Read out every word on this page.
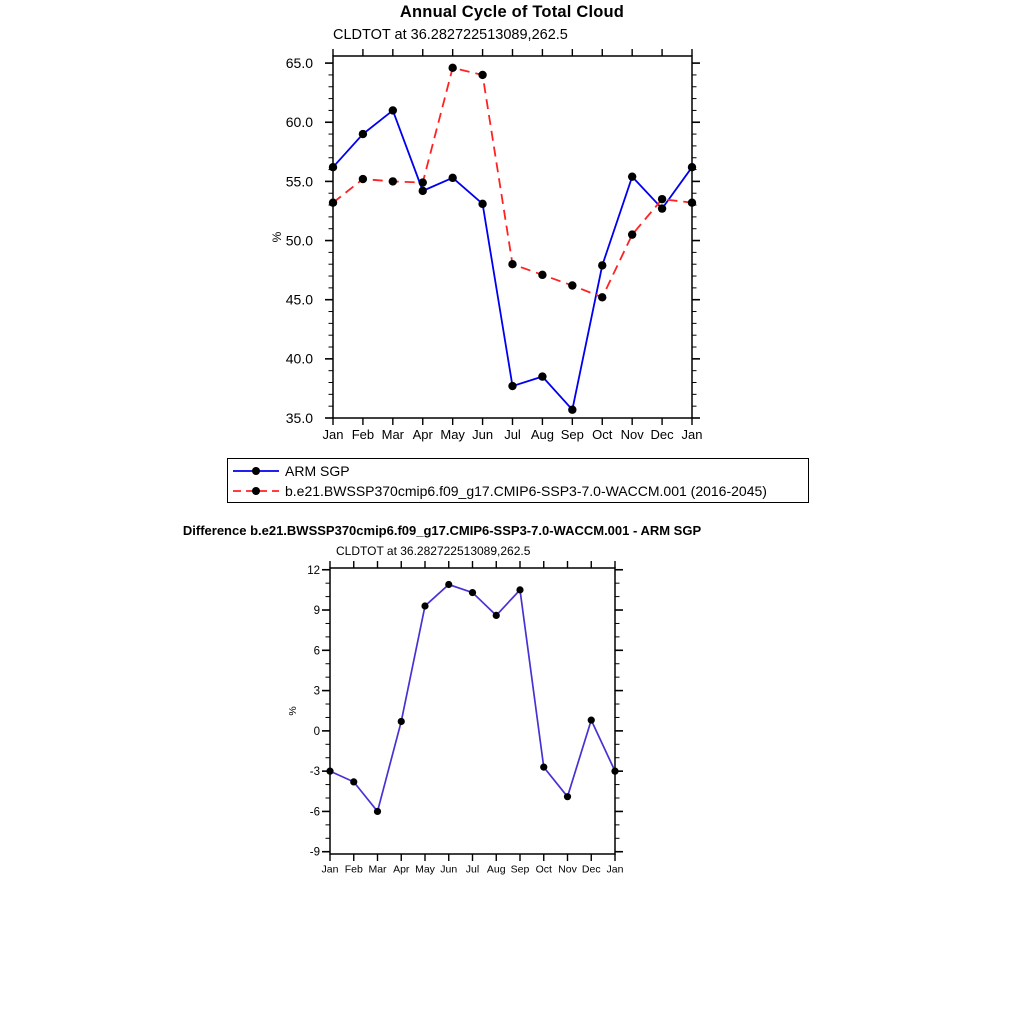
Annual Cycle of Total Cloud
CLDTOT at 36.282722513089,262.5
Jan Feb Mar Apr May Jun Jul Aug Sep Oct Nov Dec Jan
35.0
40.0
45.0
50.0
55.0
60.0
65.0
%
ARM SGP
b.e21.BWSSP370cmip6.f09_g17.CMIP6-SSP3-7.0-WACCM.001 (2016-2045)
Difference b.e21.BWSSP370cmip6.f09_g17.CMIP6-SSP3-7.0-WACCM.001 - ARM SGP
CLDTOT at 36.282722513089,262.5
Jan Feb Mar Apr May Jun Jul Aug Sep Oct Nov Dec Jan
-9
-6
-3
0
3
6
9
12
%
